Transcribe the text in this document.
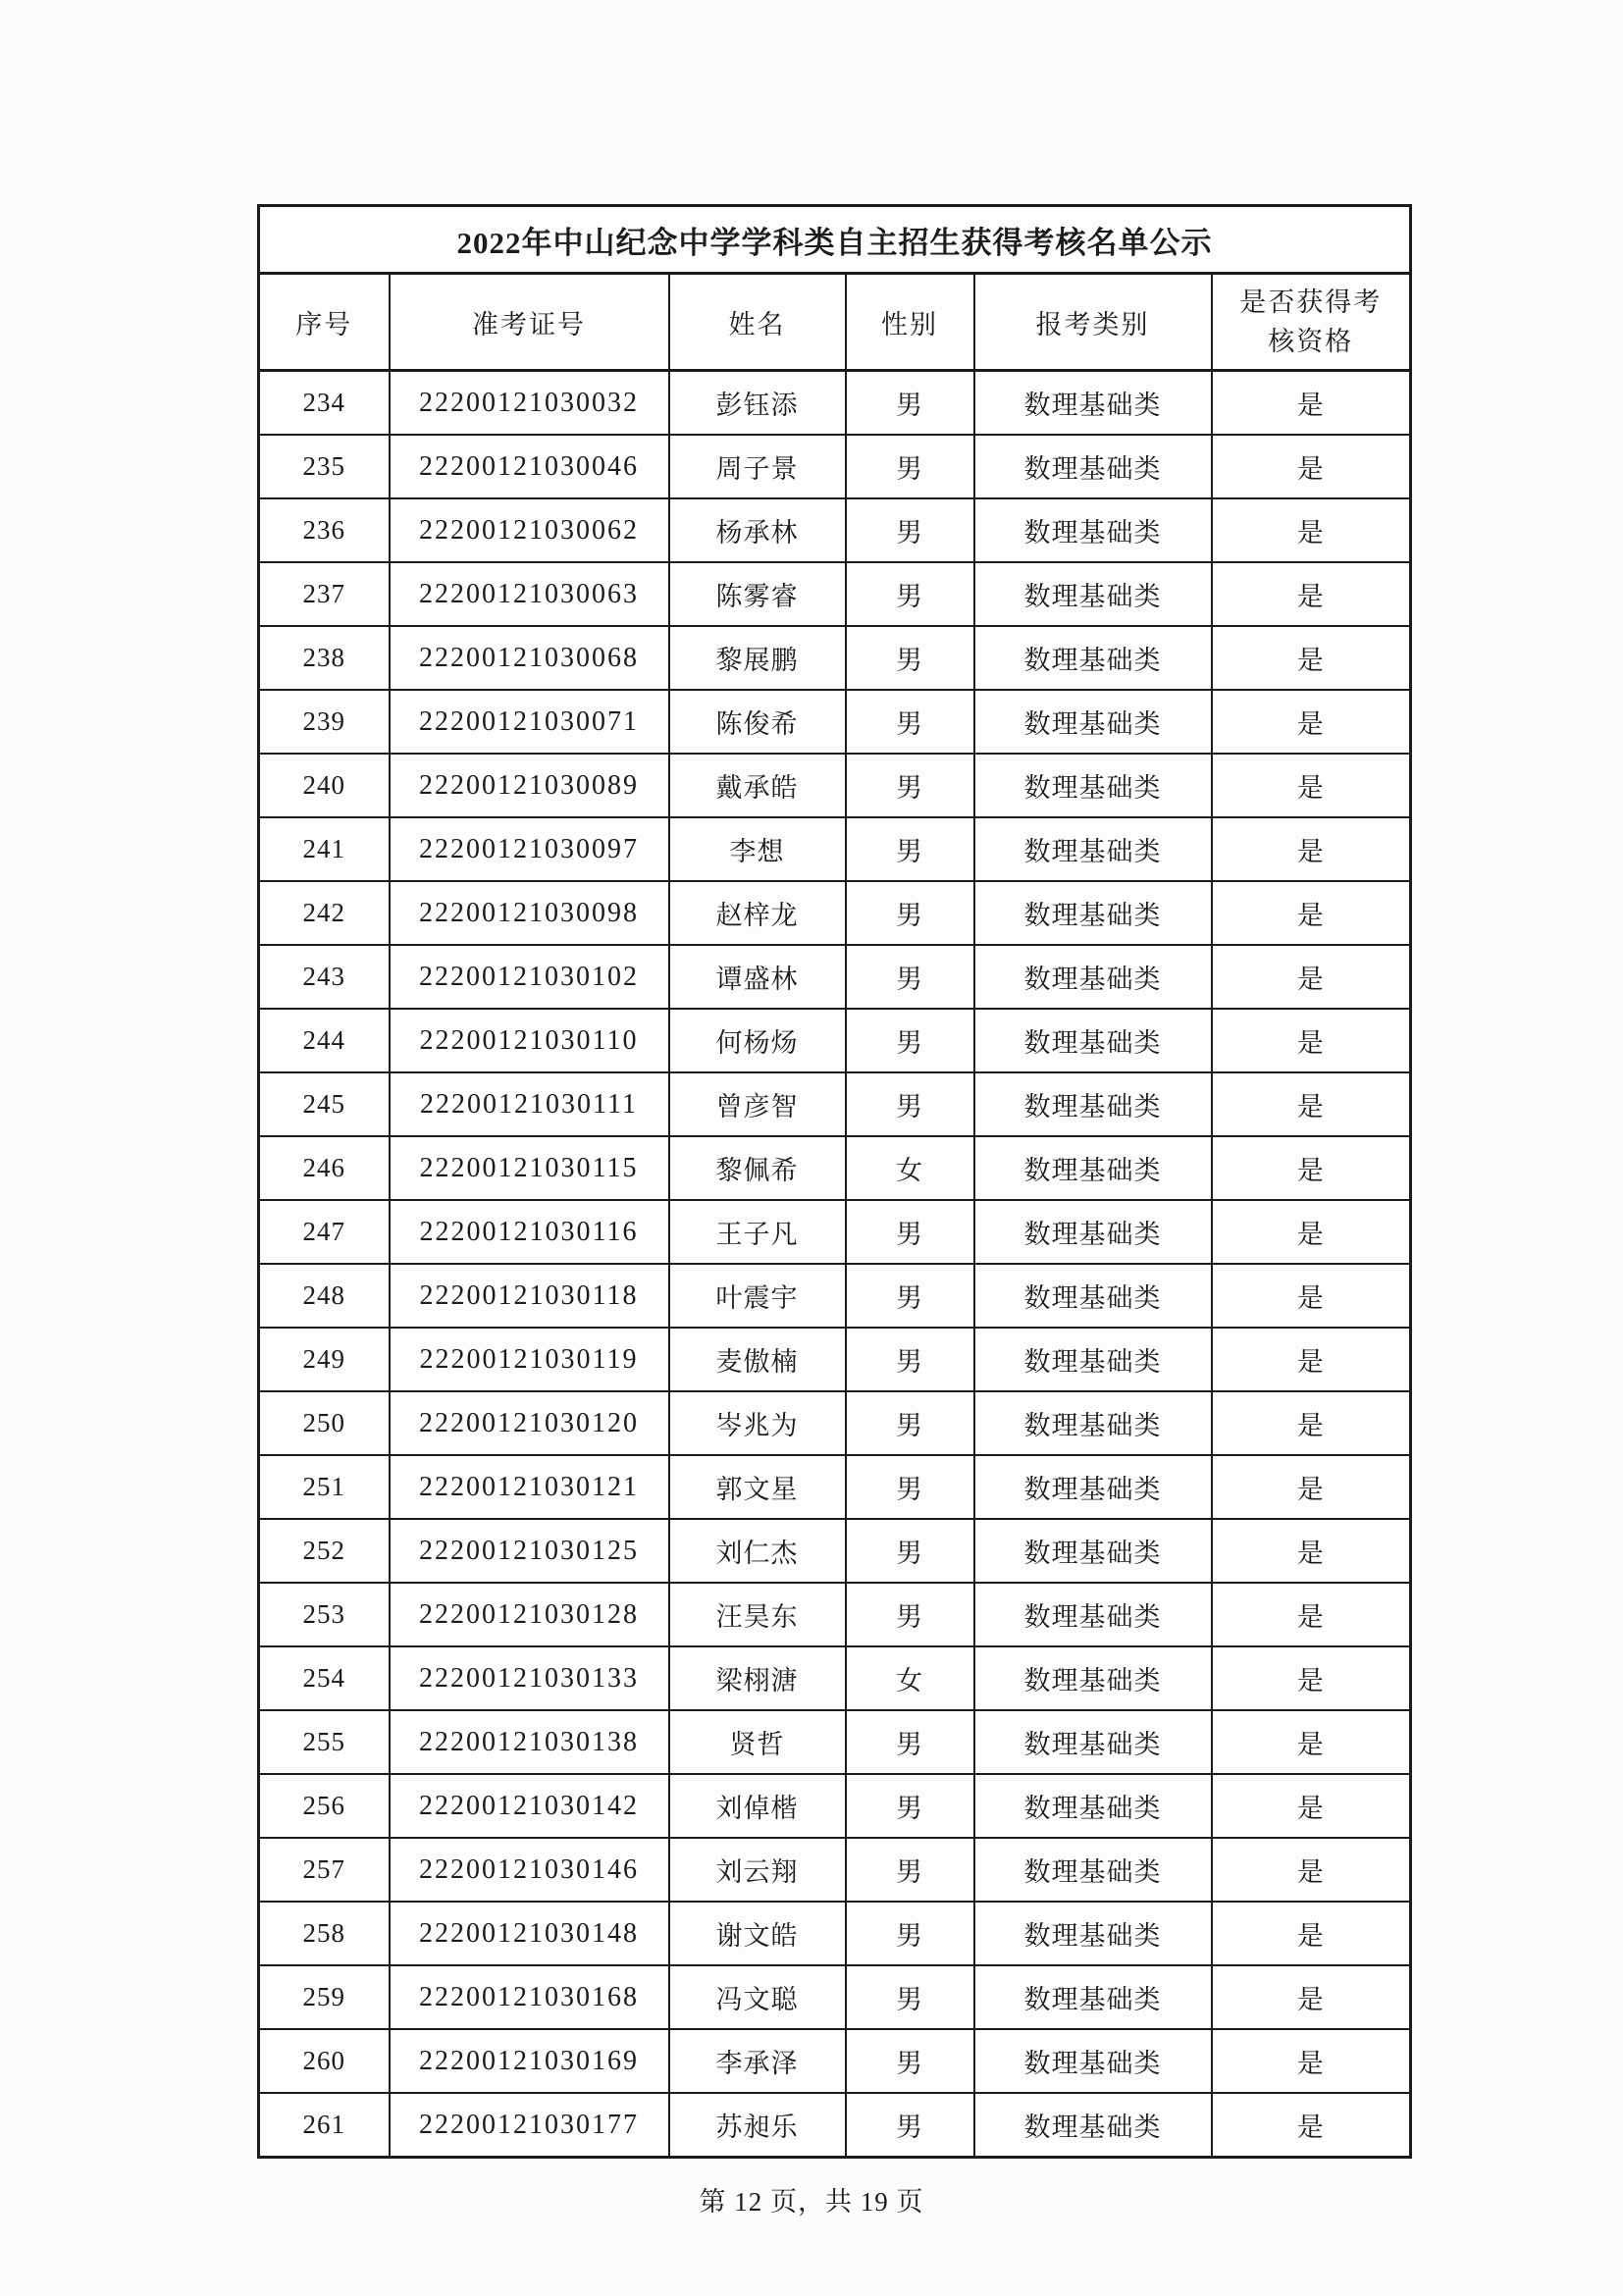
2022年中山纪念中学学科类自主招生获得考核名单公示					
序号	准考证号	姓名	性别	报考类别	是否获得考核资格
234	22200121030032	彭钰添	男	数理基础类	是
235	22200121030046	周子景	男	数理基础类	是
236	22200121030062	杨承林	男	数理基础类	是
237	22200121030063	陈雾睿	男	数理基础类	是
238	22200121030068	黎展鹏	男	数理基础类	是
239	22200121030071	陈俊希	男	数理基础类	是
240	22200121030089	戴承皓	男	数理基础类	是
241	22200121030097	李想	男	数理基础类	是
242	22200121030098	赵梓龙	男	数理基础类	是
243	22200121030102	谭盛林	男	数理基础类	是
244	22200121030110	何杨炀	男	数理基础类	是
245	22200121030111	曾彦智	男	数理基础类	是
246	22200121030115	黎佩希	女	数理基础类	是
247	22200121030116	王子凡	男	数理基础类	是
248	22200121030118	叶震宇	男	数理基础类	是
249	22200121030119	麦傲楠	男	数理基础类	是
250	22200121030120	岑兆为	男	数理基础类	是
251	22200121030121	郭文星	男	数理基础类	是
252	22200121030125	刘仁杰	男	数理基础类	是
253	22200121030128	汪昊东	男	数理基础类	是
254	22200121030133	梁栩溏	女	数理基础类	是
255	22200121030138	贤哲	男	数理基础类	是
256	22200121030142	刘倬楷	男	数理基础类	是
257	22200121030146	刘云翔	男	数理基础类	是
258	22200121030148	谢文皓	男	数理基础类	是
259	22200121030168	冯文聪	男	数理基础类	是
260	22200121030169	李承泽	男	数理基础类	是
261	22200121030177	苏昶乐	男	数理基础类	是
第 12 页，共 19 页
